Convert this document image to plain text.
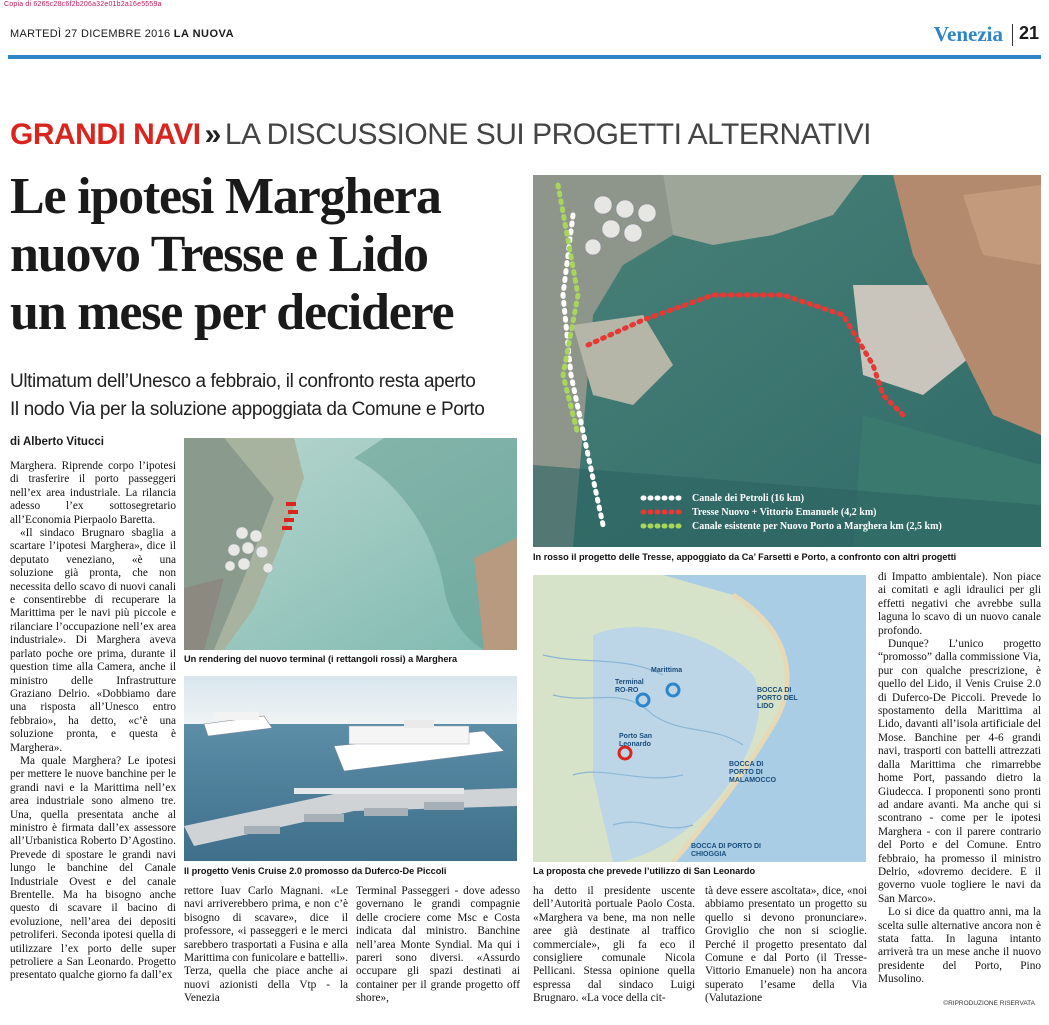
Copia di 6265c28c6f2b206a32e01b2a16e5559a
MARTEDÌ 27 DICEMBRE 2016 LA NUOVA	Venezia 21
GRANDI NAVI » LA DISCUSSIONE SUI PROGETTI ALTERNATIVI
Le ipotesi Marghera
nuovo Tresse e Lido
un mese per decidere
Ultimatum dell’Unesco a febbraio, il confronto resta aperto
Il nodo Via per la soluzione appoggiata da Comune e Porto
di Alberto Vitucci

Marghera. Riprende corpo l’ipotesi di trasferire il porto passeggeri nell’ex area industriale. La rilancia adesso l’ex sottosegretario all’Economia Pierpaolo Baretta.

«Il sindaco Brugnaro sbaglia a scartare l’ipotesi Marghera», dice il deputato veneziano, «è una soluzione già pronta, che non necessita dello scavo di nuovi canali e consentirebbe di recuperare la Marittima per le navi più piccole e rilanciare l’occupazione nell’ex area industriale». Di Marghera aveva parlato poche ore prima, durante il question time alla Camera, anche il ministro delle Infrastrutture Graziano Delrio. «Dobbiamo dare una risposta all’Unesco entro febbraio», ha detto, «c’è una soluzione pronta, e questa è Marghera».

Ma quale Marghera? Le ipotesi per mettere le nuove banchine per le grandi navi e la Marittima nell’ex area industriale sono almeno tre. Una, quella presentata anche al ministro è firmata dall’ex assessore all’Urbanistica Roberto D’Agostino. Prevede di spostare le grandi navi lungo le banchine del Canale Industriale Ovest e del canale Brentelle. Ma ha bisogno anche questo di scavare il bacino di evoluzione, nell’area dei depositi petroliferi. Seconda ipotesi quella di utilizzare l’ex porto delle super petroliere a San Leonardo. Progetto presentato qualche giorno fa dall’ex

Un rendering del nuovo terminal (i rettangoli rossi) a Marghera
Il progetto Venis Cruise 2.0 promosso da Duferco-De Piccoli
Canale dei Petroli (16 km)
Tresse Nuovo + Vittorio Emanuele (4,2 km)
Canale esistente per Nuovo Porto a Marghera km (2,5 km)
In rosso il progetto delle Tresse, appoggiato da Ca’ Farsetti e Porto, a confronto con altri progetti
Terminal RO-RO
Marittima
Porto San Leonardo
BOCCA DI PORTO DEL LIDO
BOCCA DI PORTO DI MALAMOCCO
BOCCA DI PORTO DI CHIOGGIA
La proposta che prevede l’utilizzo di San Leonardo

rettore Iuav Carlo Magnani. «Le navi arriverebbero prima, e non c’è bisogno di scavare», dice il professore, «i passeggeri e le merci sarebbero trasportati a Fusina e alla Marittima con funicolare e battelli». Terza, quella che piace anche ai nuovi azionisti della Vtp - la Venezia

Terminal Passeggeri - dove adesso governano le grandi compagnie delle crociere come Msc e Costa indicata dal ministro. Banchine nell’area Monte Syndial. Ma qui i pareri sono diversi. «Assurdo occupare gli spazi destinati ai container per il grande progetto off shore»,

ha detto il presidente uscente dell’Autorità portuale Paolo Costa. «Marghera va bene, ma non nelle aree già destinate al traffico commerciale», gli fa eco il consigliere comunale Nicola Pellicani. Stessa opinione quella espressa dal sindaco Luigi Brugnaro. «La voce della cit-

tà deve essere ascoltata», dice, «noi abbiamo presentato un progetto su quello si devono pronunciare». Groviglio che non si scioglie. Perché il progetto presentato dal Comune e dal Porto (il Tresse-Vittorio Emanuele) non ha ancora superato l’esame della Via (Valutazione

di Impatto ambientale). Non piace ai comitati e agli idraulici per gli effetti negativi che avrebbe sulla laguna lo scavo di un nuovo canale profondo.

Dunque? L’unico progetto “promosso” dalla commissione Via, pur con qualche prescrizione, è quello del Lido, il Venis Cruise 2.0 di Duferco-De Piccoli. Prevede lo spostamento della Marittima al Lido, davanti all’isola artificiale del Mose. Banchine per 4-6 grandi navi, trasporti con battelli attrezzati dalla Marittima che rimarrebbe home Port, passando dietro la Giudecca. I proponenti sono pronti ad andare avanti. Ma anche qui si scontrano - come per le ipotesi Marghera - con il parere contrario del Porto e del Comune. Entro febbraio, ha promesso il ministro Delrio, «dovremo decidere. E il governo vuole togliere le navi da San Marco».

Lo si dice da quattro anni, ma la scelta sulle alternative ancora non è stata fatta. In laguna intanto arriverà tra un mese anche il nuovo presidente del Porto, Pino Musolino.

©RIPRODUZIONE RISERVATA
